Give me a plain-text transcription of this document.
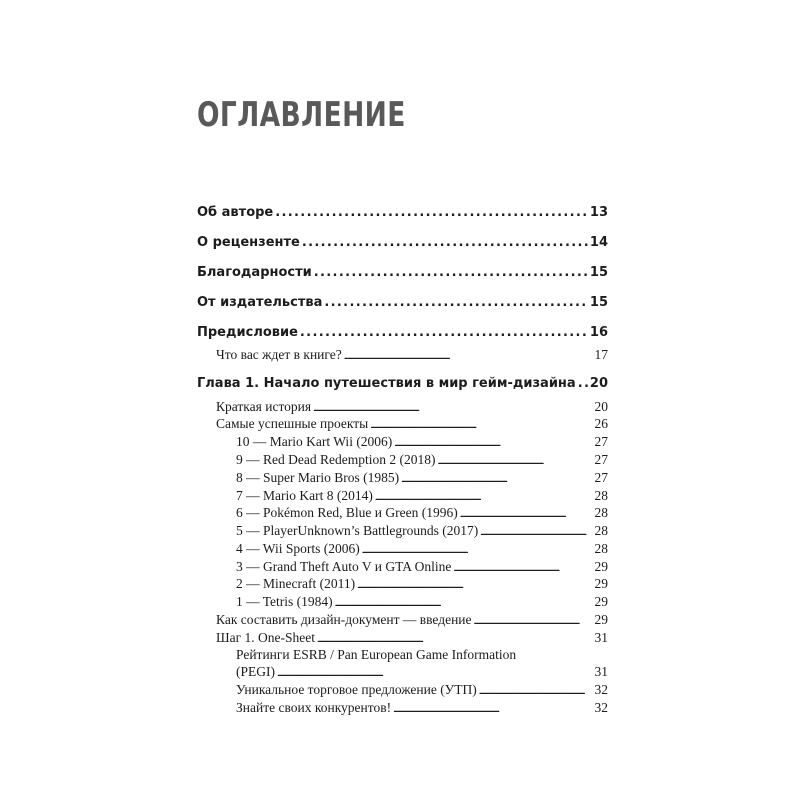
ОГЛАВЛЕНИЕ
Об авторе . . .	13
О рецензенте . . .	14
Благодарности . . .	15
От издательства . . .	15
Предисловие . . .	16
Что вас ждет в книге? . . .	17
Глава 1. Начало путешествия в мир гейм-дизайна . . . 20
Краткая история . . .	20
Самые успешные проекты . . .	26
10 — Mario Kart Wii (2006) . . .	27
9 — Red Dead Redemption 2 (2018) . . .	27
8 — Super Mario Bros (1985) . . .	27
7 — Mario Kart 8 (2014) . . .	28
6 — Pokémon Red, Blue и Green (1996) . . .	28
5 — PlayerUnknown’s Battlegrounds (2017) . . .	28
4 — Wii Sports (2006) . . .	28
3 — Grand Theft Auto V и GTA Online . . .	29
2 — Minecraft (2011) . . .	29
1 — Tetris (1984) . . .	29
Как составить дизайн-документ — введение . . .	29
Шаг 1. One-Sheet . . .	31
Рейтинги ESRB / Pan European Game Information
(PEGI) . . .	31
Уникальное торговое предложение (УТП) . . .	32
Знайте своих конкурентов! . . .	32
